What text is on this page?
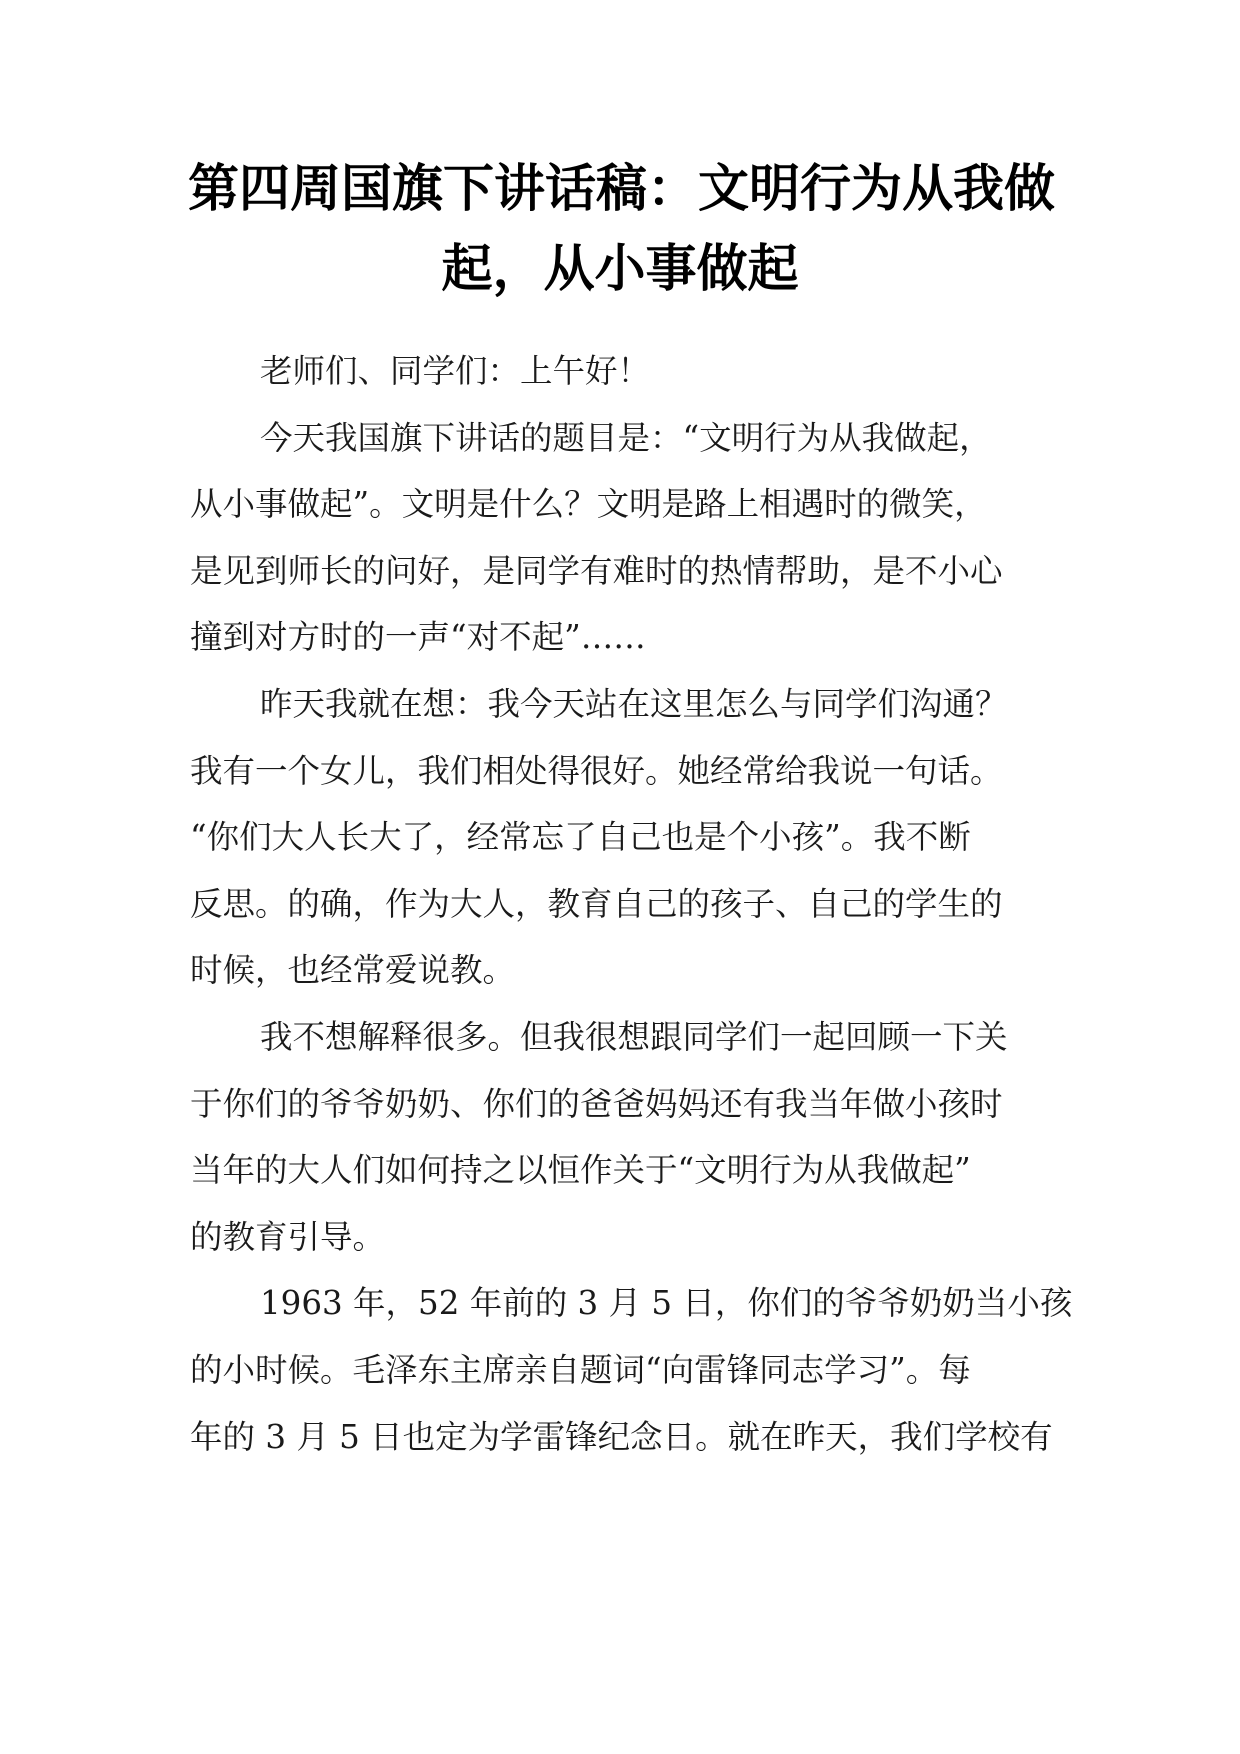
第四周国旗下讲话稿：文明行为从我做
起，从小事做起
老师们、同学们：上午好！
今天我国旗下讲话的题目是：“文明行为从我做起，
从小事做起”。文明是什么？文明是路上相遇时的微笑，
是见到师长的问好，是同学有难时的热情帮助，是不小心
撞到对方时的一声“对不起”……
昨天我就在想：我今天站在这里怎么与同学们沟通？
我有一个女儿，我们相处得很好。她经常给我说一句话。
“你们大人长大了，经常忘了自己也是个小孩”。我不断
反思。的确，作为大人，教育自己的孩子、自己的学生的
时候，也经常爱说教。
我不想解释很多。但我很想跟同学们一起回顾一下关
于你们的爷爷奶奶、你们的爸爸妈妈还有我当年做小孩时
当年的大人们如何持之以恒作关于“文明行为从我做起”
的教育引导。
1963 年，52 年前的 3 月 5 日，你们的爷爷奶奶当小孩
的小时候。毛泽东主席亲自题词“向雷锋同志学习”。每
年的 3 月 5 日也定为学雷锋纪念日。就在昨天，我们学校有
